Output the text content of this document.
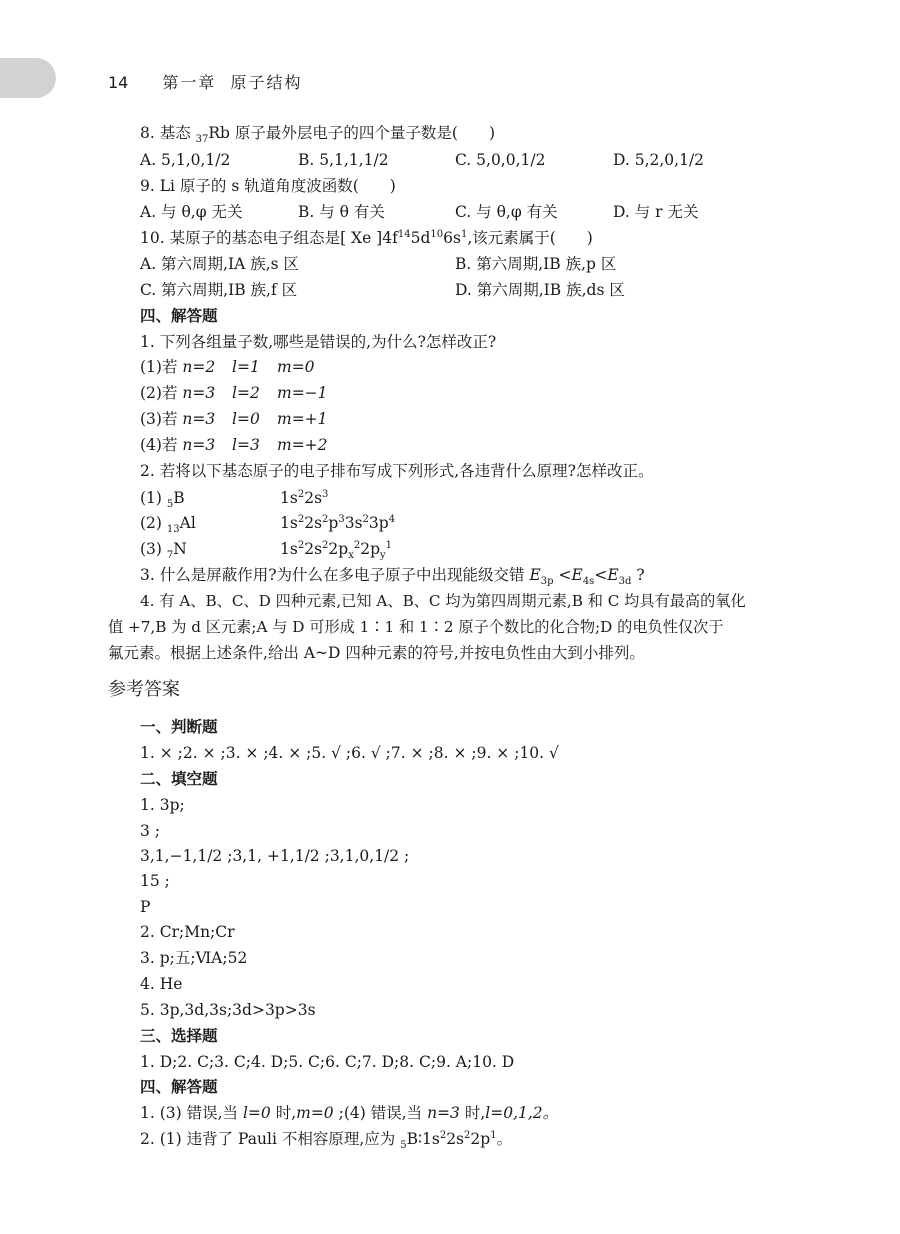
14 第一章  原子结构
8. 基态 $_{37}$Rb 原子最外层电子的四个量子数是(　　)
A. 5,1,0,1/2	B. 5,1,1,1/2	C. 5,0,0,1/2	D. 5,2,0,1/2
9. Li 原子的 s 轨道角度波函数(　　)
A. 与 θ,φ 无关	B. 与 θ 有关	C. 与 θ,φ 有关	D. 与 r 无关
10. 某原子的基态电子组态是[ Xe ]$4f^{14}5d^{10}6s^1$,该元素属于(　　)
A. 第六周期,ⅠA 族,s 区	B. 第六周期,ⅠB 族,p 区
C. 第六周期,ⅠB 族,f 区	D. 第六周期,ⅠB 族,ds 区
四、解答题
1. 下列各组量子数,哪些是错误的,为什么?怎样改正?
(1)若 n=2 l=1 m=0
(2)若 n=3 l=2 m=−1
(3)若 n=3 l=0 m=+1
(4)若 n=3 l=3 m=+2
2. 若将以下基态原子的电子排布写成下列形式,各违背什么原理?怎样改正。
(1) $_5$B	$1s^22s^3$
(2) $_{13}$Al	$1s^22s^2p^33s^23p^4$
(3) $_7$N	$1s^22s^22p_x^22p_y^1$
3. 什么是屏蔽作用?为什么在多电子原子中出现能级交错 $E_{3p} <E_{4s}<E_{3d}$ ?
4. 有 A、B、C、D 四种元素,已知 A、B、C 均为第四周期元素,B 和 C 均具有最高的氧化
值 +7,B 为 d 区元素;A 与 D 可形成 1∶1 和 1∶2 原子个数比的化合物;D 的电负性仅次于
氟元素。根据上述条件,给出 A~D 四种元素的符号,并按电负性由大到小排列。
参考答案
一、判断题
1. × ;2. × ;3. × ;4. × ;5. √ ;6. √ ;7. × ;8. × ;9. × ;10. √
二、填空题
1. 3p;
3 ;
3,1,−1,1/2 ;3,1, +1,1/2 ;3,1,0,1/2 ;
15 ;
P
2. Cr;Mn;Cr
3. p;五;ⅥA;52
4. He
5. 3p,3d,3s;3d>3p>3s
三、选择题
1. D;2. C;3. C;4. D;5. C;6. C;7. D;8. C;9. A;10. D
四、解答题
1. (3) 错误,当 l=0 时,m=0 ;(4) 错误,当 n=3 时,l=0,1,2。
2. (1) 违背了 Pauli 不相容原理,应为 $_5B∶1s^22s^22p^1$。
